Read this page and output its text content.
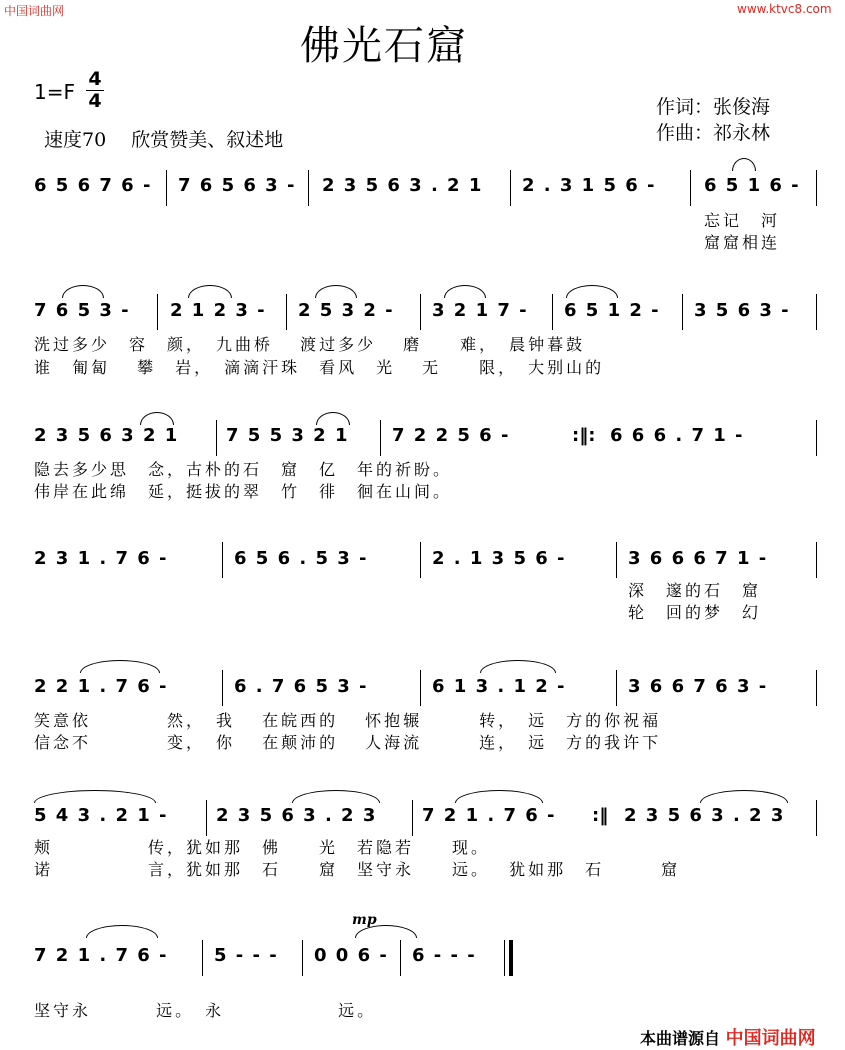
中国词曲网	www.ktvc8.com
佛光石窟
1=F
4
4
速度70　 欣赏赞美、叙述地
作词：张俊海
作曲：祁永林
6 5 6 7 6 - 7 6 5 6 3 - 2 3 5 6 3 . 2 1 2 . 3 1 5 6 -	6 5 1 6 -
忘记　河
窟窟相连
7 6 5 3 - 2 1 2 3 - 2 5 3 2 - 3 2 1 7 - 6 5 1 2 - 3 5 6 3 -
洗过多少　容　颜，　九曲桥　 渡过多少　 磨　　难，　晨钟暮鼓
谁　匍匐　 攀　岩，　滴滴汗珠　看风　光　 无　　限，　大别山的
2 3 5 6 3 2 1	7 5 5 3 2 1 7 2 2 5 6 -	:‖: 6 6 6 . 7 1 -
隐去多少思　念，古朴的石　窟　亿　年的祈盼。
伟岸在此绵　延，挺拔的翠　竹　徘　徊在山间。
2 3 1 . 7 6 -	6 5 6 . 5 3 -	2 . 1 3 5 6 -	3 6 6 6 7 1 -
深　邃的石　窟
轮　回的梦　幻
2 2 1 . 7 6 -	6 . 7 6 5 3 -	6 1 3 . 1 2 -	3 6 6 7 6 3 -
笑意依　　　　然，　我　 在皖西的　 怀抱辗　　　转，　远　方的你祝福
信念不　　　　变，　你　 在颠沛的　 人海流　　　连，　远　方的我许下
5 4 3 . 2 1 -	2 3 5 6 3 . 2 3	7 2 1 . 7 6 - :‖ 2 3 5 6 3 . 2 3
颊　　　　　传，犹如那　佛　　光　若隐若　　现。
诺　　　　　言，犹如那　石　　窟　坚守永　　远。　 犹如那　石　　　窟
mp
7 2 1 . 7 6 -	5 - - - 0 0 6 - 6 - - -
坚守永　　　 远。　永　　　　　　远。
本曲谱源自 中国词曲网
